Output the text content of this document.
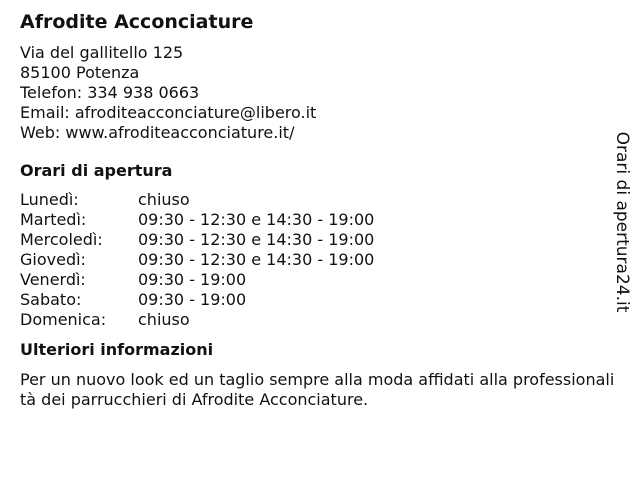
Afrodite Acconciature
Via del gallitello 125
85100 Potenza
Telefon: 334 938 0663
Email: afroditeacconciature@libero.it
Web: www.afroditeacconciature.it/
Orari di apertura
Lunedì:	chiuso
Martedì:	09:30 - 12:30 e 14:30 - 19:00
Mercoledì:	09:30 - 12:30 e 14:30 - 19:00
Giovedì:	09:30 - 12:30 e 14:30 - 19:00
Venerdì:	09:30 - 19:00
Sabato:	09:30 - 19:00
Domenica:	chiuso
Ulteriori informazioni
Per un nuovo look ed un taglio sempre alla moda affidati alla professionalità dei parrucchieri di Afrodite Acconciature.
Orari di apertura24.it
